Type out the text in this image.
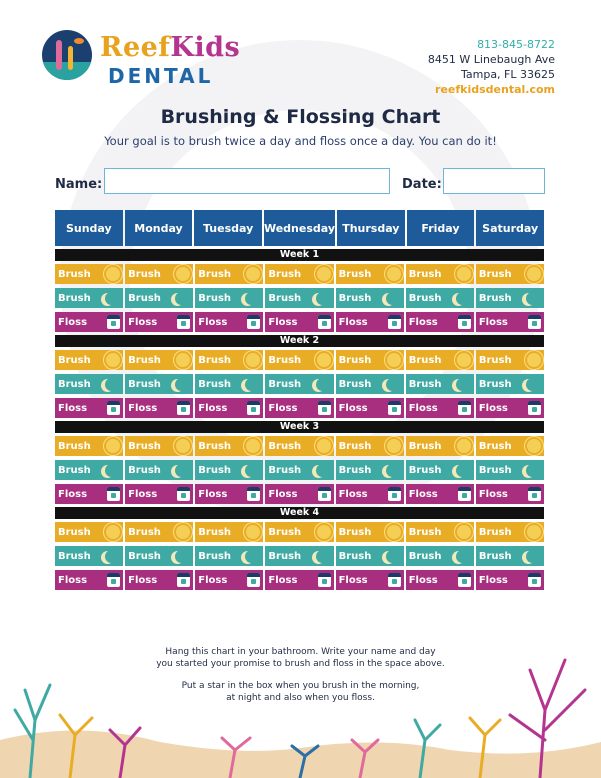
ReefKids
DENTAL
813-845-8722
8451 W Linebaugh Ave
Tampa, FL 33625
reefkidsdental.com
Brushing & Flossing Chart
Your goal is to brush twice a day and floss once a day. You can do it!
Name:	Date:
Sunday	Monday	Tuesday Wednesday Thursday	Friday	Saturday
Week 1
Brush	Brush	Brush	Brush	Brush	Brush	Brush
Brush	Brush	Brush	Brush	Brush	Brush	Brush
Floss	Floss	Floss	Floss	Floss	Floss	Floss
Week 2
Brush	Brush	Brush	Brush	Brush	Brush	Brush
Brush	Brush	Brush	Brush	Brush	Brush	Brush
Floss	Floss	Floss	Floss	Floss	Floss	Floss
Week 3
Brush	Brush	Brush	Brush	Brush	Brush	Brush
Brush	Brush	Brush	Brush	Brush	Brush	Brush
Floss	Floss	Floss	Floss	Floss	Floss	Floss
Week 4
Brush	Brush	Brush	Brush	Brush	Brush	Brush
Brush	Brush	Brush	Brush	Brush	Brush	Brush
Floss	Floss	Floss	Floss	Floss	Floss	Floss

Hang this chart in your bathroom. Write your name and day
you started your promise to brush and floss in the space above.

Put a star in the box when you brush in the morning,
at night and also when you floss.
